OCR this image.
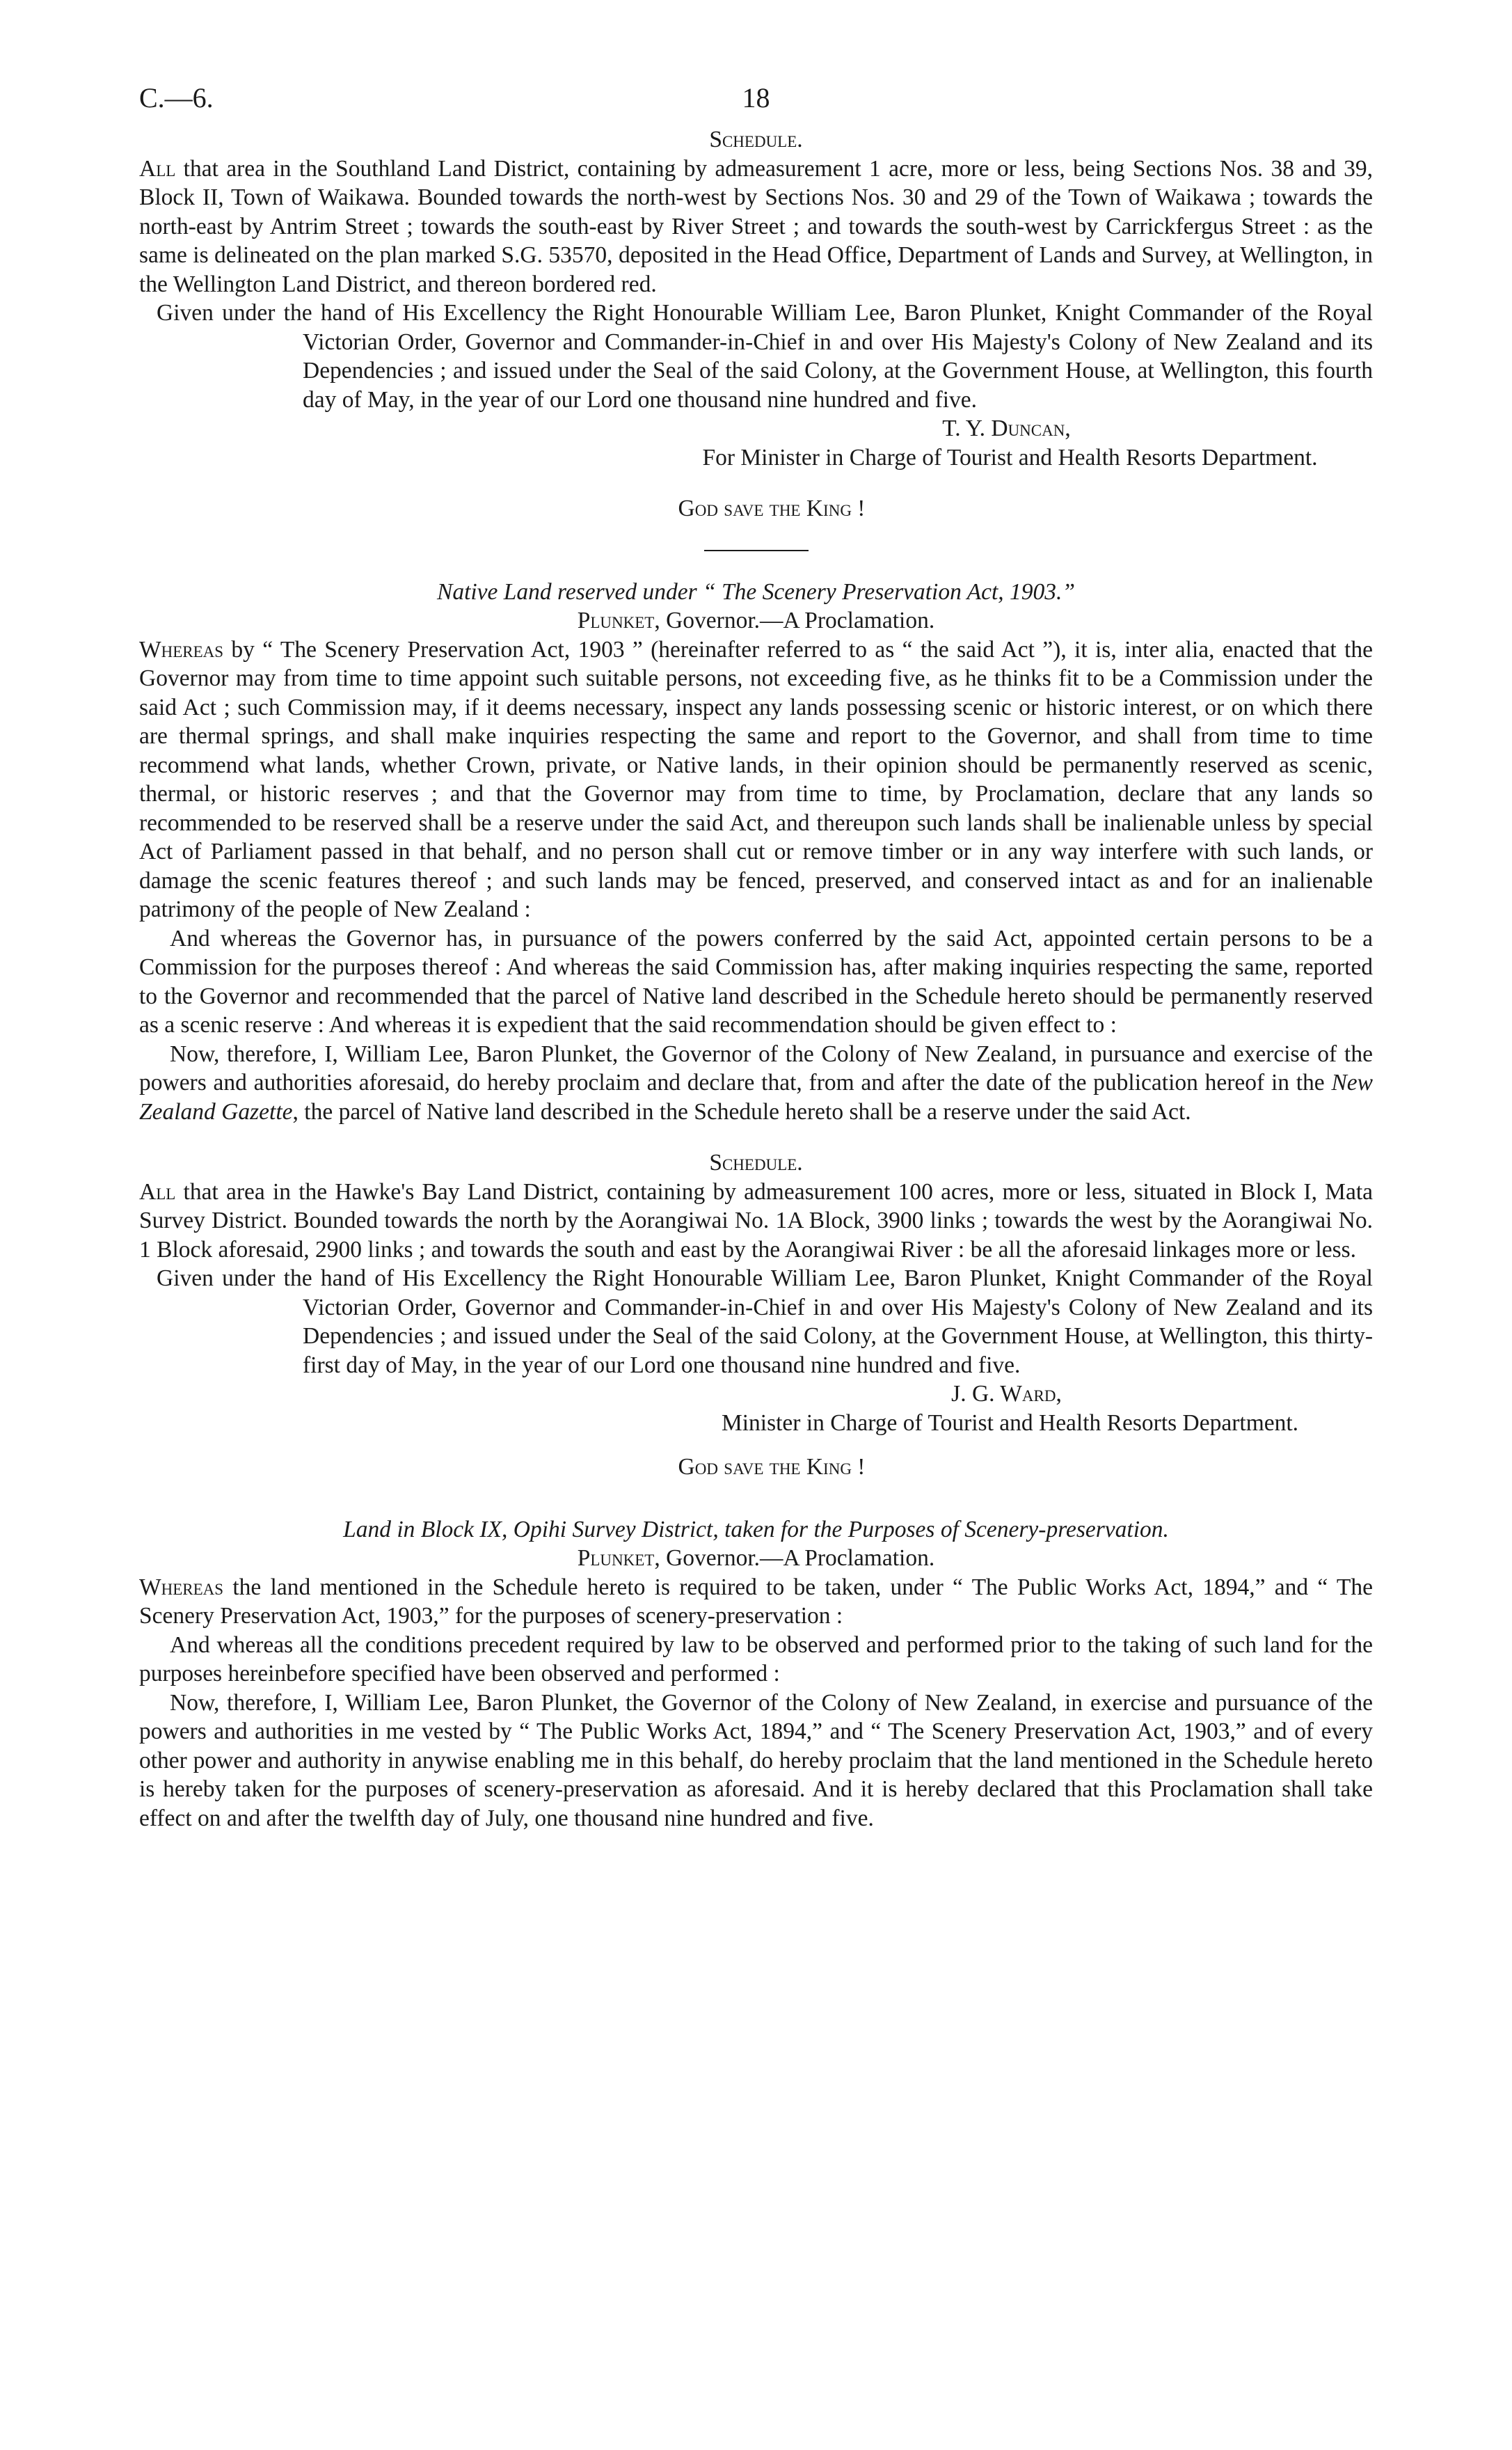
C.—6.	18

Schedule.

All that area in the Southland Land District, containing by admeasurement 1 acre, more or less, being Sections Nos. 38 and 39, Block II, Town of Waikawa. Bounded towards the north-west by Sections Nos. 30 and 29 of the Town of Waikawa ; towards the north-east by Antrim Street ; towards the south-east by River Street ; and towards the south-west by Carrickfergus Street : as the same is delineated on the plan marked S.G. 53570, deposited in the Head Office, Department of Lands and Survey, at Wellington, in the Wellington Land District, and thereon bordered red.

Given under the hand of His Excellency the Right Honourable William Lee, Baron Plunket, Knight Commander of the Royal Victorian Order, Governor and Commander-in-Chief in and over His Majesty's Colony of New Zealand and its Dependencies ; and issued under the Seal of the said Colony, at the Government House, at Wellington, this fourth day of May, in the year of our Lord one thousand nine hundred and five.

T. Y. Duncan,

For Minister in Charge of Tourist and Health Resorts Department.

God save the King !

Native Land reserved under “ The Scenery Preservation Act, 1903.”

Plunket, Governor.—A Proclamation.

Whereas by “ The Scenery Preservation Act, 1903 ” (hereinafter referred to as “ the said Act ”), it is, inter alia, enacted that the Governor may from time to time appoint such suitable persons, not exceeding five, as he thinks fit to be a Commission under the said Act ; such Commission may, if it deems necessary, inspect any lands possessing scenic or historic interest, or on which there are thermal springs, and shall make inquiries respecting the same and report to the Governor, and shall from time to time recommend what lands, whether Crown, private, or Native lands, in their opinion should be permanently reserved as scenic, thermal, or historic reserves ; and that the Governor may from time to time, by Proclamation, declare that any lands so recommended to be reserved shall be a reserve under the said Act, and thereupon such lands shall be inalienable unless by special Act of Parliament passed in that behalf, and no person shall cut or remove timber or in any way interfere with such lands, or damage the scenic features thereof ; and such lands may be fenced, preserved, and conserved intact as and for an inalienable patrimony of the people of New Zealand :

And whereas the Governor has, in pursuance of the powers conferred by the said Act, appointed certain persons to be a Commission for the purposes thereof : And whereas the said Commission has, after making inquiries respecting the same, reported to the Governor and recommended that the parcel of Native land described in the Schedule hereto should be permanently reserved as a scenic reserve : And whereas it is expedient that the said recommendation should be given effect to :

Now, therefore, I, William Lee, Baron Plunket, the Governor of the Colony of New Zealand, in pursuance and exercise of the powers and authorities aforesaid, do hereby proclaim and declare that, from and after the date of the publication hereof in the New Zealand Gazette, the parcel of Native land described in the Schedule hereto shall be a reserve under the said Act.

Schedule.

All that area in the Hawke's Bay Land District, containing by admeasurement 100 acres, more or less, situated in Block I, Mata Survey District. Bounded towards the north by the Aorangiwai No. 1A Block, 3900 links ; towards the west by the Aorangiwai No. 1 Block aforesaid, 2900 links ; and towards the south and east by the Aorangiwai River : be all the aforesaid linkages more or less.

Given under the hand of His Excellency the Right Honourable William Lee, Baron Plunket, Knight Commander of the Royal Victorian Order, Governor and Commander-in-Chief in and over His Majesty's Colony of New Zealand and its Dependencies ; and issued under the Seal of the said Colony, at the Government House, at Wellington, this thirty-first day of May, in the year of our Lord one thousand nine hundred and five.

J. G. Ward,

Minister in Charge of Tourist and Health Resorts Department.

God save the King !

Land in Block IX, Opihi Survey District, taken for the Purposes of Scenery-preservation.

Plunket, Governor.—A Proclamation.

Whereas the land mentioned in the Schedule hereto is required to be taken, under “ The Public Works Act, 1894,” and “ The Scenery Preservation Act, 1903,” for the purposes of scenery-preservation :

And whereas all the conditions precedent required by law to be observed and performed prior to the taking of such land for the purposes hereinbefore specified have been observed and performed :

Now, therefore, I, William Lee, Baron Plunket, the Governor of the Colony of New Zealand, in exercise and pursuance of the powers and authorities in me vested by “ The Public Works Act, 1894,” and “ The Scenery Preservation Act, 1903,” and of every other power and authority in anywise enabling me in this behalf, do hereby proclaim that the land mentioned in the Schedule hereto is hereby taken for the purposes of scenery-preservation as aforesaid. And it is hereby declared that this Proclamation shall take effect on and after the twelfth day of July, one thousand nine hundred and five.
